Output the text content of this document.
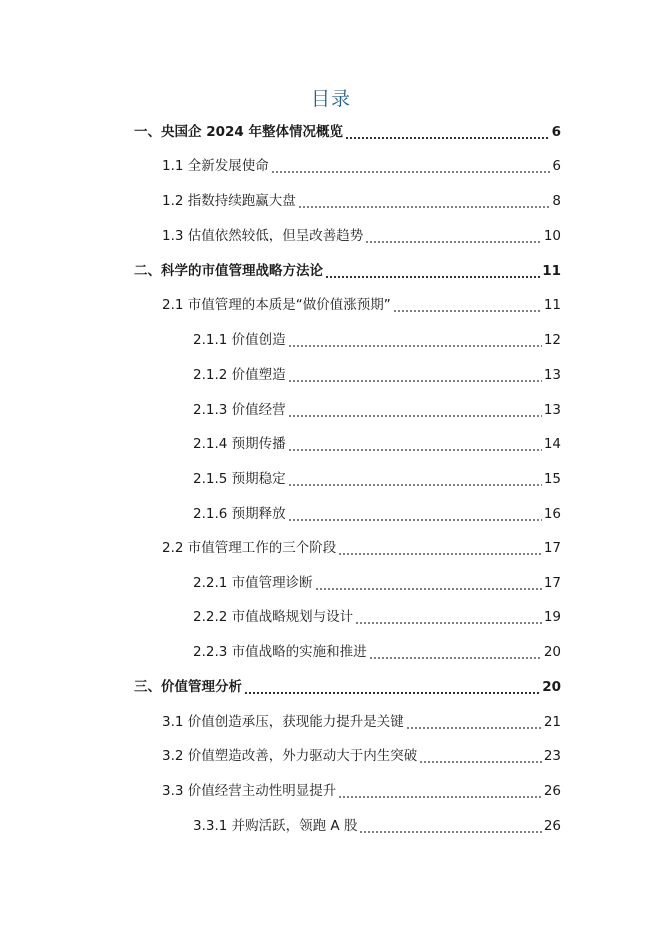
目录
一、央国企 2024 年整体情况概览	6
1.1 全新发展使命	6
1.2 指数持续跑赢大盘	8
1.3 估值依然较低，但呈改善趋势	10
二、科学的市值管理战略方法论	11
2.1 市值管理的本质是“做价值涨预期”	11
2.1.1 价值创造	12
2.1.2 价值塑造	13
2.1.3 价值经营	13
2.1.4 预期传播	14
2.1.5 预期稳定	15
2.1.6 预期释放	16
2.2 市值管理工作的三个阶段	17
2.2.1 市值管理诊断	17
2.2.2 市值战略规划与设计	19
2.2.3 市值战略的实施和推进	20
三、价值管理分析	20
3.1 价值创造承压，获现能力提升是关键	21
3.2 价值塑造改善，外力驱动大于内生突破	23
3.3 价值经营主动性明显提升	26
3.3.1 并购活跃，领跑 A 股	26
